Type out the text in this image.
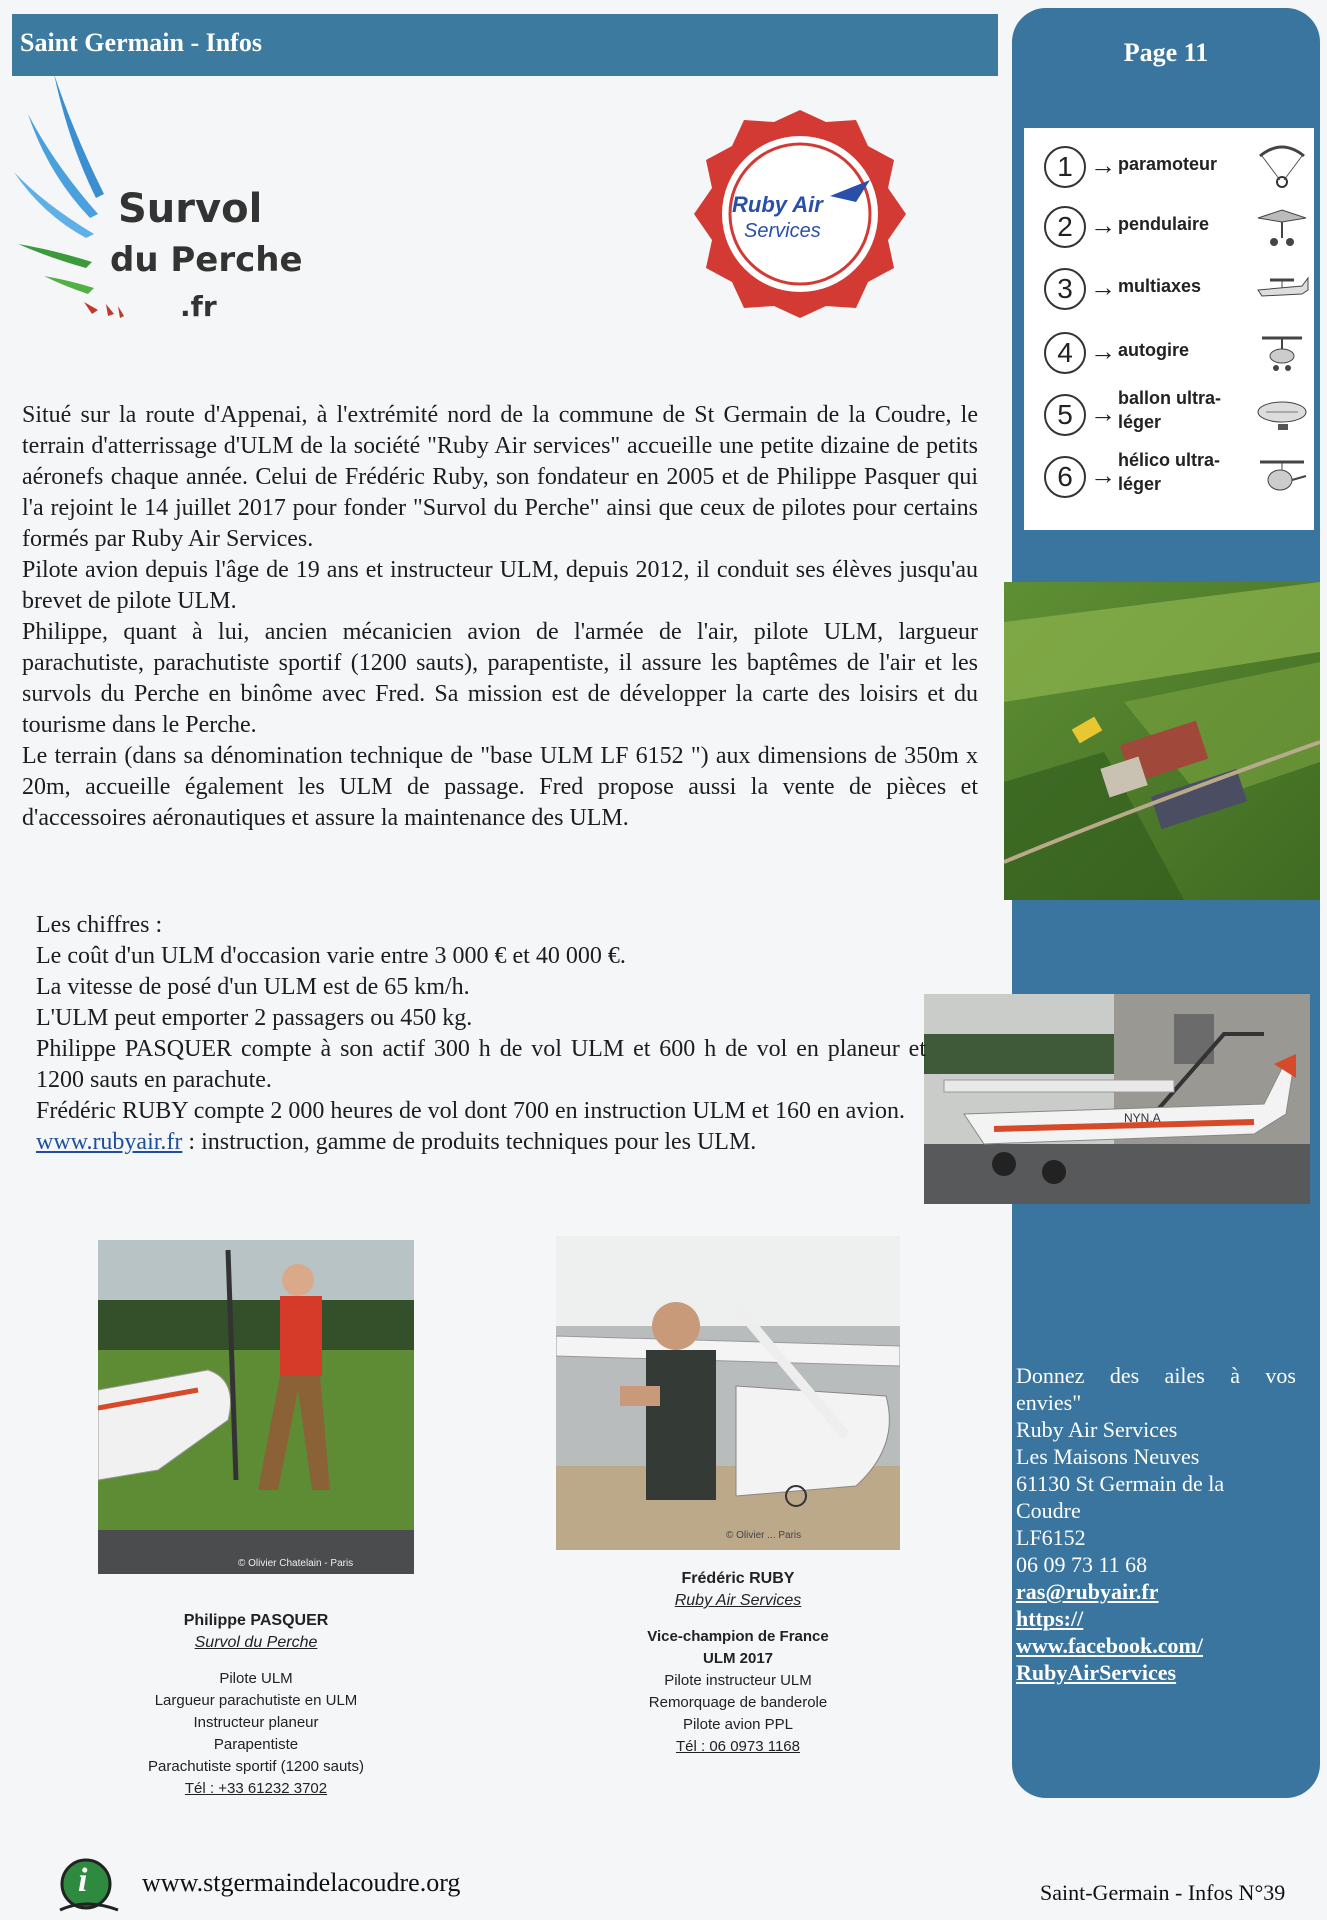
Saint Germain - Infos	Page 11
1 → paramoteur
2 → pendulaire
3 → multiaxes
4 → autogire
5 → ballon ultra-léger
6 → hélico ultra-léger
NYN.A
Survol
du Perche
.fr
Ruby Air
Services

Situé sur la route d'Appenai, à l'extrémité nord de la commune de St Germain de la Coudre, le terrain d'atterrissage d'ULM de la société "Ruby Air services" accueille une petite dizaine de petits aéronefs chaque année. Celui de Frédéric Ruby, son fondateur en 2005 et de Philippe Pasquer qui l'a rejoint le 14 juillet 2017 pour fonder "Survol du Perche" ainsi que ceux de pilotes pour certains formés par Ruby Air Services.

Pilote avion depuis l'âge de 19 ans et instructeur ULM, depuis 2012, il conduit ses élèves jusqu'au brevet de pilote ULM.

Philippe, quant à lui, ancien mécanicien avion de l'armée de l'air, pilote ULM, largueur parachutiste, parachutiste sportif (1200 sauts), parapentiste, il assure les baptêmes de l'air et les survols du Perche en binôme avec Fred. Sa mission est de développer la carte des loisirs et du tourisme dans le Perche.

Le terrain (dans sa dénomination technique de "base ULM LF 6152 ") aux dimensions de 350m x 20m, accueille également les ULM de passage. Fred propose aussi la vente de pièces et d'accessoires aéronautiques et assure la maintenance des ULM.

Les chiffres :

Le coût d'un ULM d'occasion varie entre 3 000 € et 40 000 €.

La vitesse de posé d'un ULM est de 65 km/h.

L'ULM peut emporter 2 passagers ou 450 kg.

Philippe PASQUER compte à son actif 300 h de vol ULM et 600 h de vol en planeur et 1200 sauts en parachute.

Frédéric RUBY compte 2 000 heures de vol dont 700 en instruction ULM et 160 en avion.

www.rubyair.fr : instruction, gamme de produits techniques pour les ULM.

© Olivier Chatelain - Paris
Philippe PASQUER
Survol du Perche
Pilote ULM
Largueur parachutiste en ULM
Instructeur planeur
Parapentiste
Parachutiste sportif (1200 sauts)
Tél : +33 61232 3702
© Olivier ... Paris
Frédéric RUBY
Ruby Air Services
Vice-champion de France
ULM 2017
Pilote instructeur ULM
Remorquage de banderole
Pilote avion PPL
Tél : 06 0973 1168
Donnez des ailes à vos
envies"
Ruby Air Services
Les Maisons Neuves
61130 St Germain de la
Coudre
LF6152
06 09 73 11 68
ras@rubyair.fr
https://
www.facebook.com/
RubyAirServices
i www.stgermaindelacoudre.org	Saint-Germain - Infos N°39
